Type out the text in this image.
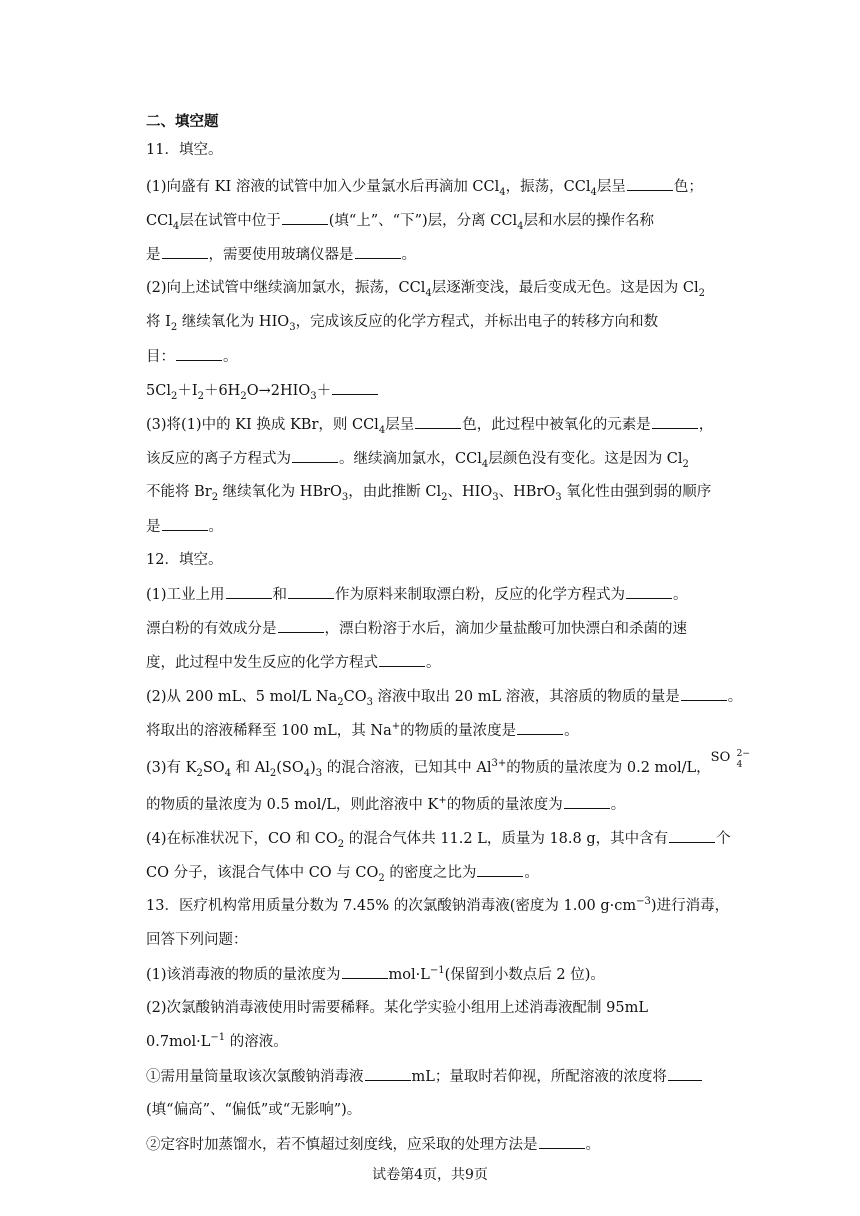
二、填空题
11．填空。
(1)向盛有 KI 溶液的试管中加入少量氯水后再滴加 CCl$_4$，振荡，CCl$_4$层呈	色；
CCl$_4$层在试管中位于	(填“上”、“下”)层，分离 CCl$_4$层和水层的操作名称
是	，需要使用玻璃仪器是	。
(2)向上述试管中继续滴加氯水，振荡，CCl$_4$层逐渐变浅，最后变成无色。这是因为 $Cl_2$
将 $I_2$ 继续氧化为 $HIO_3$，完成该反应的化学方程式，并标出电子的转移方向和数
目：	。
$5Cl_2+I_2+6H_2O\to 2HIO_3+$
(3)将(1)中的 KI 换成 KBr，则 CCl$_4$层呈	色，此过程中被氧化的元素是	，
该反应的离子方程式为	。继续滴加氯水，CCl$_4$层颜色没有变化。这是因为 $Cl_2$
不能将 $Br_2$ 继续氧化为 HBrO$_3$，由此推断 $Cl_2$、$HIO_3$、HBrO$_3$ 氧化性由强到弱的顺序
是	。
12．填空。
(1)工业上用	和	作为原料来制取漂白粉，反应的化学方程式为	。
漂白粉的有效成分是	，漂白粉溶于水后，滴加少量盐酸可加快漂白和杀菌的速
度，此过程中发生反应的化学方程式	。
(2)从 200 mL、5 mol/L $Na_2CO_3$ 溶液中取出 20 mL 溶液，其溶质的物质的量是	。
将取出的溶液稀释至 100 mL，其 Na+的物质的量浓度是	。
(3)有 $K_2SO_4$ 和 $Al_2(SO_4)_3$ 的混合溶液，已知其中 $Al^{3+}$的物质的量浓度为 0.2 mol/L，
SO 2−
4
的物质的量浓度为 0.5 mol/L，则此溶液中 K+的物质的量浓度为	。
(4)在标准状况下，CO 和 $CO_2$ 的混合气体共 11.2 L，质量为 18.8 g，其中含有	个
CO 分子，该混合气体中 CO 与 $CO_2$ 的密度之比为	。
13．医疗机构常用质量分数为 7.45% 的次氯酸钠消毒液(密度为 1.00 $g\cdot cm^{-3}$)进行消毒，
回答下列问题：
(1)该消毒液的物质的量浓度为	$mol\cdot L^{-1}$(保留到小数点后 2 位)。
(2)次氯酸钠消毒液使用时需要稀释。某化学实验小组用上述消毒液配制 95mL
$0.7mol\cdot L^{-1}$ 的溶液。
①需用量筒量取该次氯酸钠消毒液	mL；量取时若仰视，所配溶液的浓度将
(填“偏高”、“偏低”或“无影响”)。
②定容时加蒸馏水，若不慎超过刻度线，应采取的处理方法是	。
试卷第4页，共9页
